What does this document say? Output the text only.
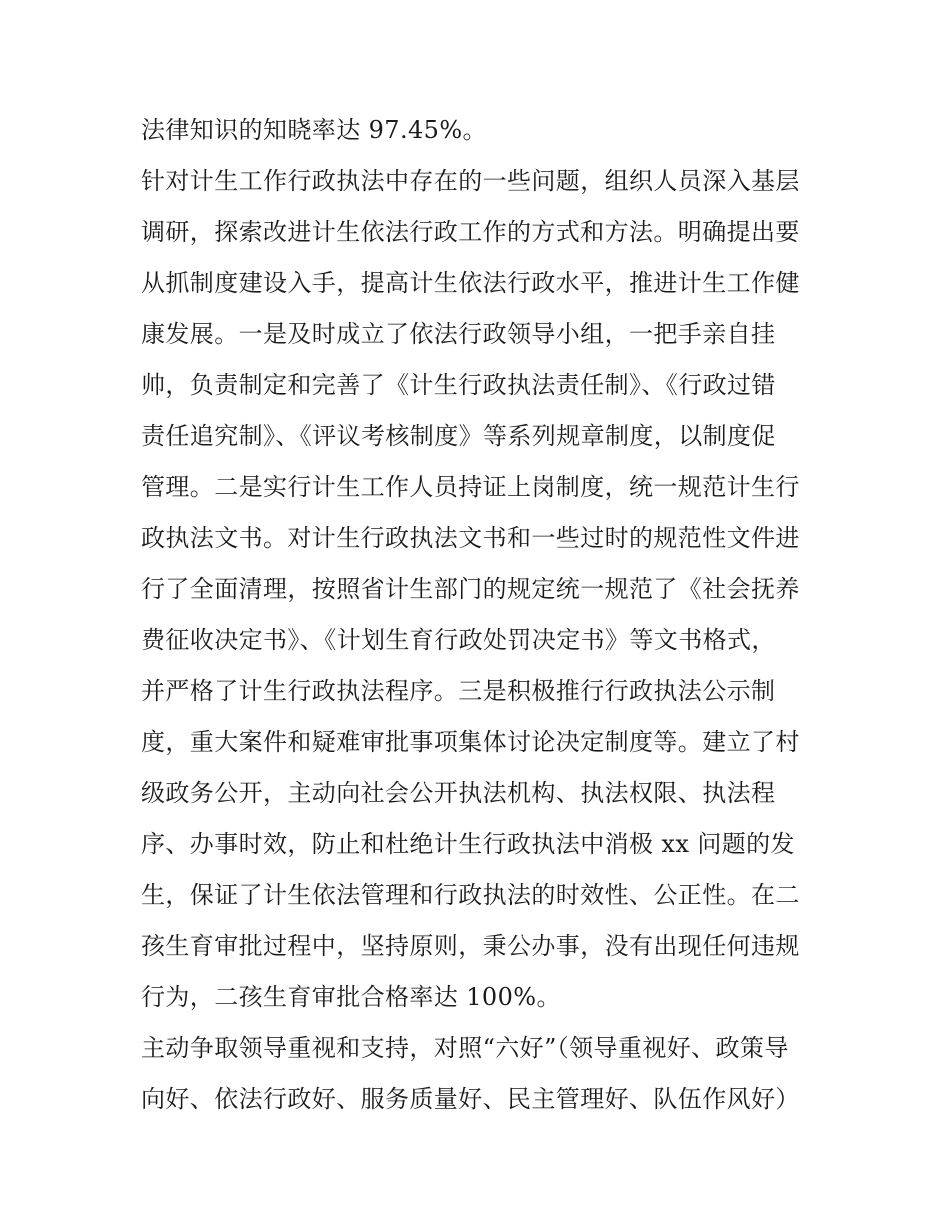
法律知识的知晓率达 97.45%。
针对计生工作行政执法中存在的一些问题，组织人员深入基层
调研，探索改进计生依法行政工作的方式和方法。明确提出要
从抓制度建设入手，提高计生依法行政水平，推进计生工作健
康发展。一是及时成立了依法行政领导小组，一把手亲自挂
帅，负责制定和完善了《计生行政执法责任制》、《行政过错
责任追究制》、《评议考核制度》等系列规章制度，以制度促
管理。二是实行计生工作人员持证上岗制度，统一规范计生行
政执法文书。对计生行政执法文书和一些过时的规范性文件进
行了全面清理，按照省计生部门的规定统一规范了《社会抚养
费征收决定书》、《计划生育行政处罚决定书》等文书格式，
并严格了计生行政执法程序。三是积极推行行政执法公示制
度，重大案件和疑难审批事项集体讨论决定制度等。建立了村
级政务公开，主动向社会公开执法机构、执法权限、执法程
序、办事时效，防止和杜绝计生行政执法中消极 xx 问题的发
生，保证了计生依法管理和行政执法的时效性、公正性。在二
孩生育审批过程中，坚持原则，秉公办事，没有出现任何违规
行为，二孩生育审批合格率达 100%。
主动争取领导重视和支持，对照“六好”（领导重视好、政策导
向好、依法行政好、服务质量好、民主管理好、队伍作风好）
